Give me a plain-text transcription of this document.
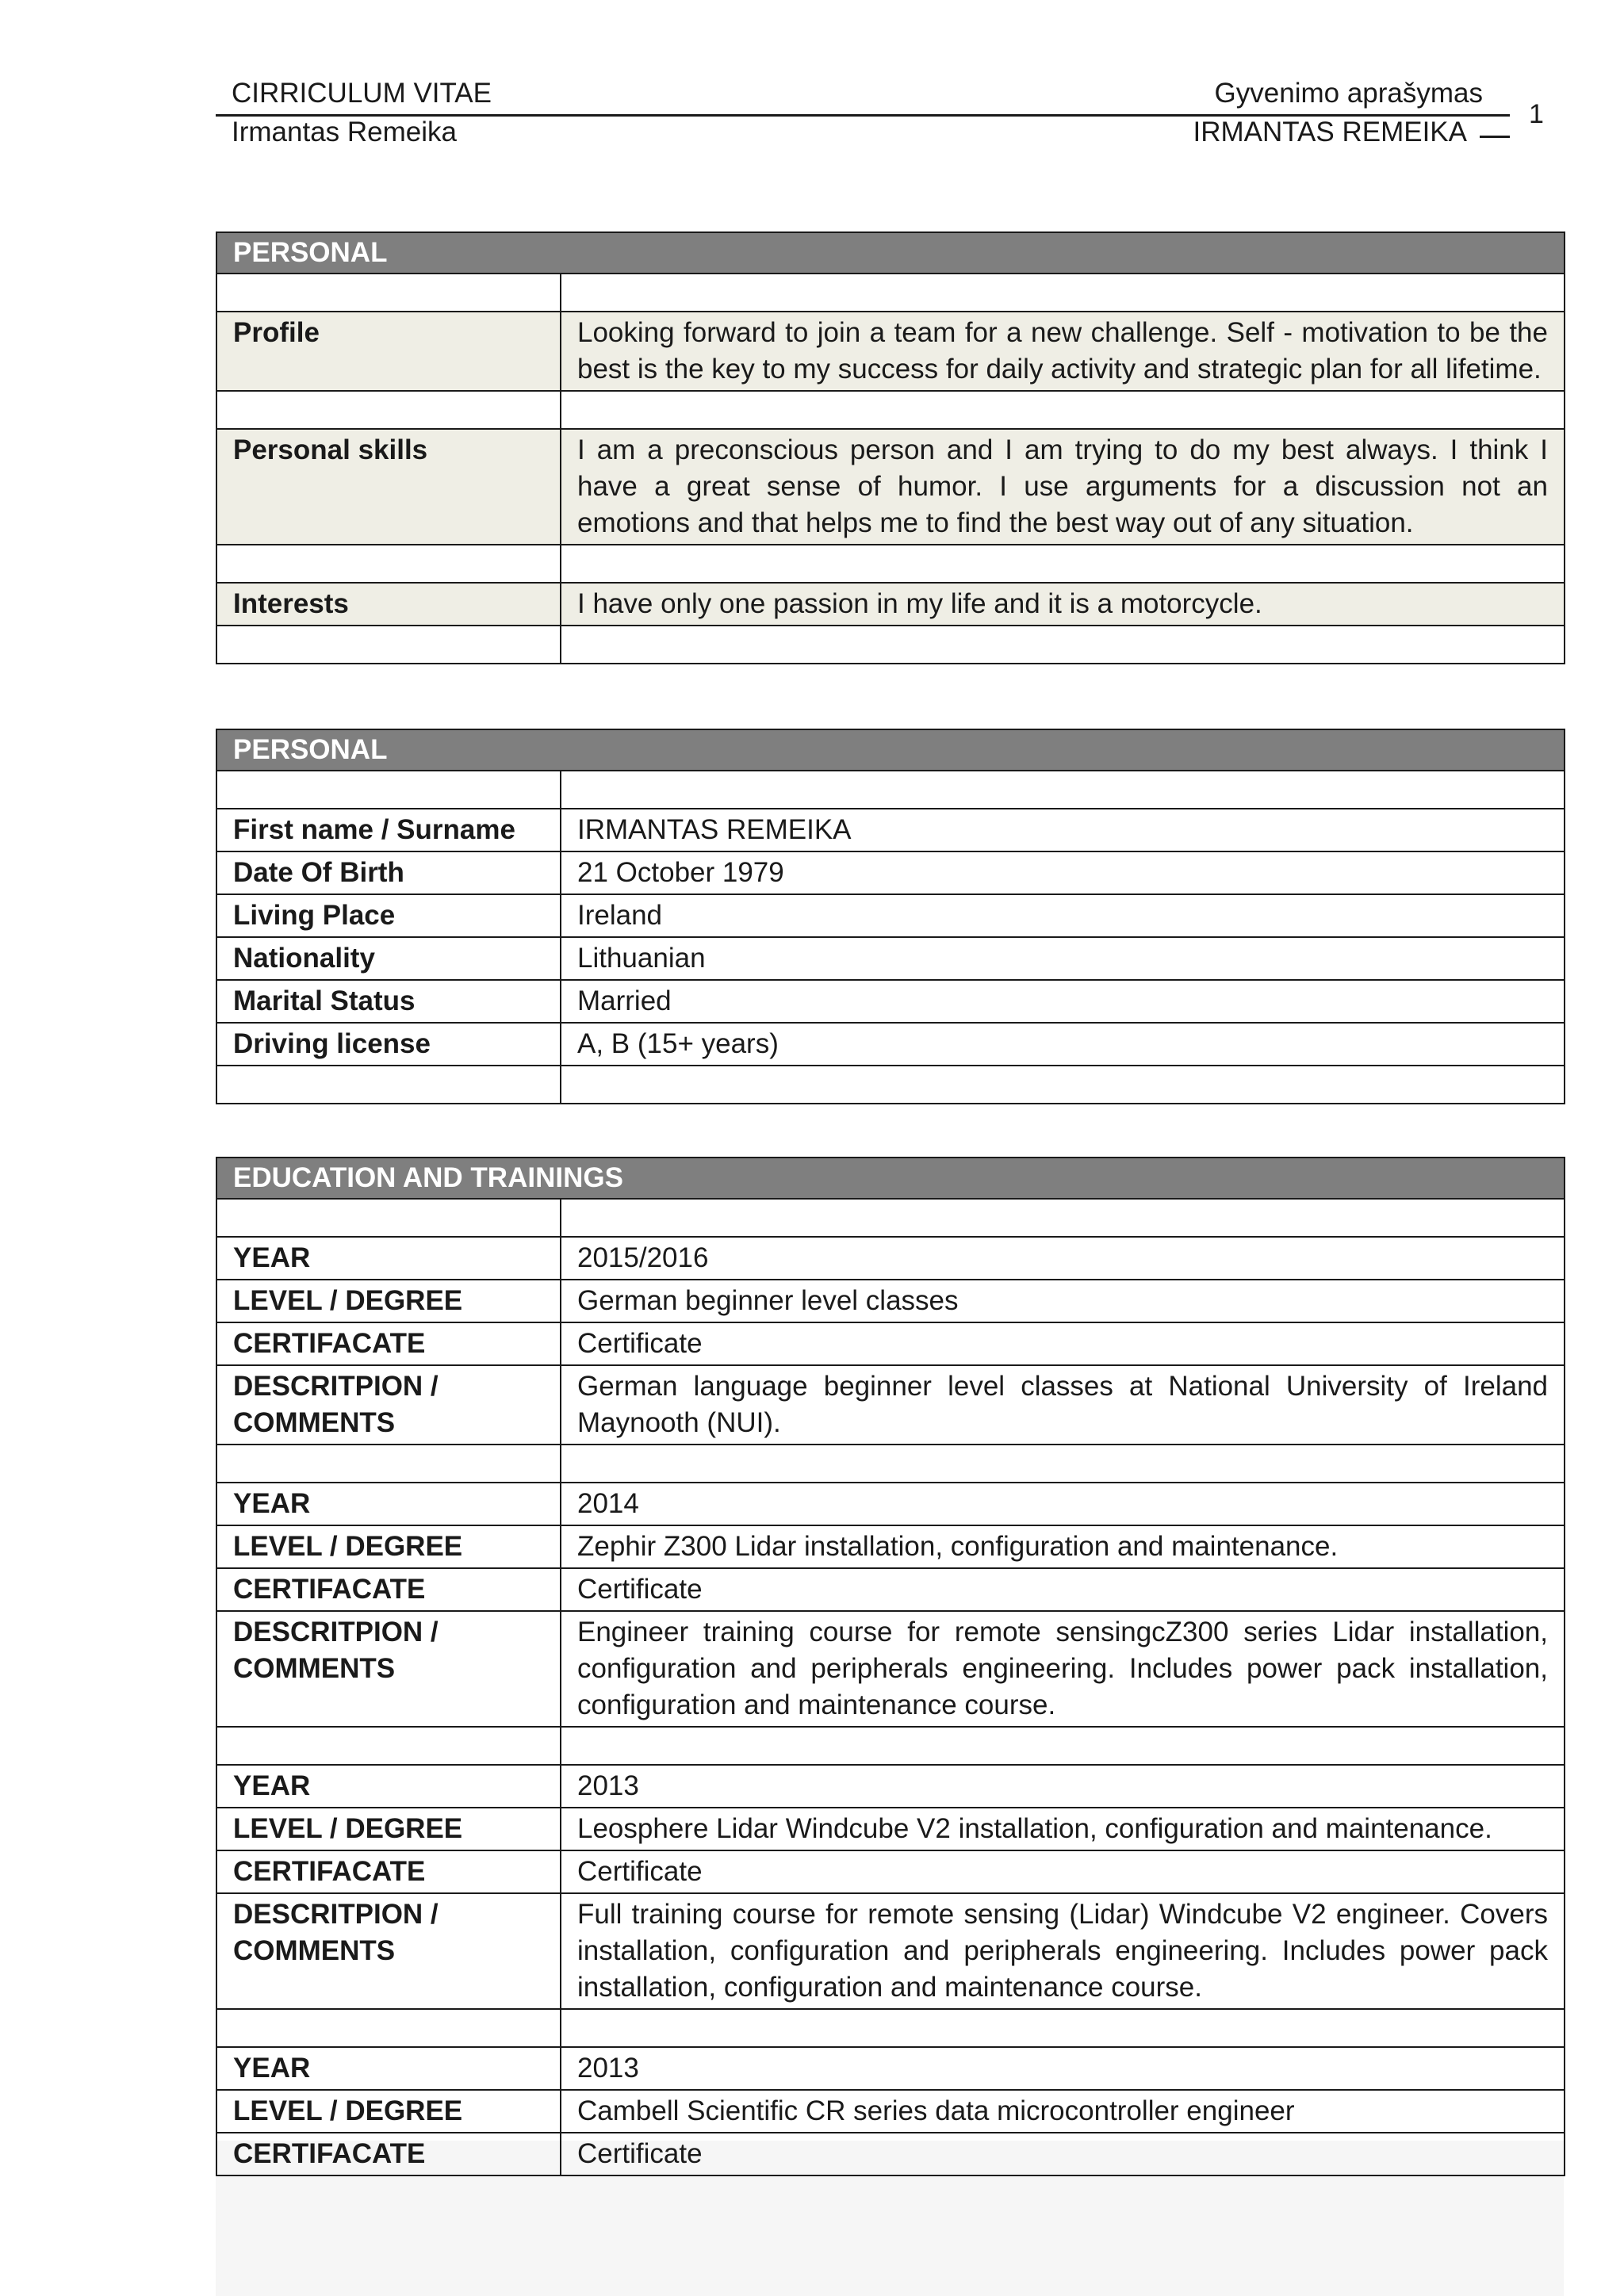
CIRRICULUM VITAE
Irmantas Remeika
Gyvenimo aprašymas
IRMANTAS REMEIKA
1
PERSONAL	

Profile	Looking forward to join a team for a new challenge. Self - motivation to be the best is the key to my success for daily activity and strategic plan for all lifetime.

Personal skills	I am a preconscious person and I am trying to do my best always. I think I have a great sense of humor. I use arguments for a discussion not an emotions and that helps me to find the best way out of any situation.

Interests	I have only one passion in my life and it is a motorcycle.

PERSONAL	

First name / Surname	IRMANTAS REMEIKA
Date Of Birth	21 October 1979
Living Place	Ireland
Nationality	Lithuanian
Marital Status	Married
Driving license	A, B (15+ years)

EDUCATION AND TRAININGS	

YEAR	2015/2016
LEVEL / DEGREE	German beginner level classes
CERTIFACATE	Certificate
DESCRITPION / COMMENTS	German language beginner level classes at National University of Ireland Maynooth (NUI).

YEAR	2014
LEVEL / DEGREE	Zephir Z300 Lidar installation, configuration and maintenance.
CERTIFACATE	Certificate
DESCRITPION / COMMENTS	Engineer training course for remote sensingcZ300 series Lidar installation, configuration and peripherals engineering. Includes power pack installation, configuration and maintenance course.

YEAR	2013
LEVEL / DEGREE	Leosphere Lidar Windcube V2 installation, configuration and maintenance.
CERTIFACATE	Certificate
DESCRITPION / COMMENTS	Full training course for remote sensing (Lidar) Windcube V2 engineer. Covers installation, configuration and peripherals engineering. Includes power pack installation, configuration and maintenance course.

YEAR	2013
LEVEL / DEGREE	Cambell Scientific CR series data microcontroller engineer
CERTIFACATE	Certificate
